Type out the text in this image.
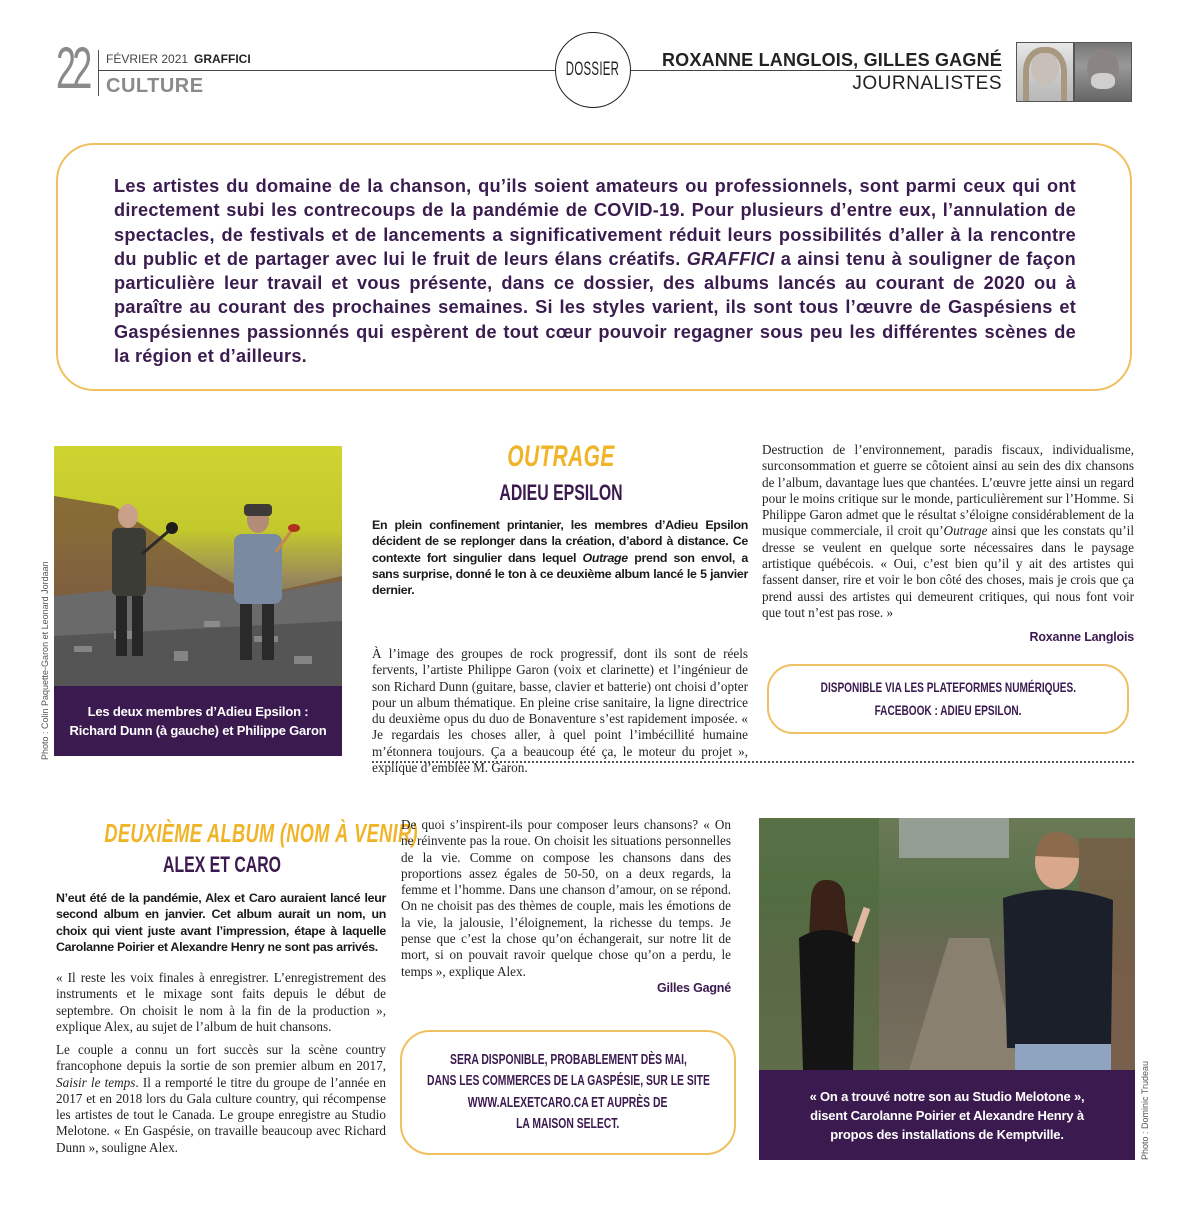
22 FÉVRIER 2021 GRAFFICI
CULTURE
DOSSIER ROXANNE LANGLOIS, GILLES GAGNÉ
JOURNALISTES
Les artistes du domaine de la chanson, qu’ils soient amateurs ou professionnels, sont parmi ceux qui ont directement subi les contrecoups de la pandémie de COVID-19. Pour plusieurs d’entre eux, l’annulation de spectacles, de festivals et de lancements a significativement réduit leurs possibilités d’aller à la rencontre du public et de partager avec lui le fruit de leurs élans créatifs. GRAFFICI a ainsi tenu à souligner de façon particulière leur travail et vous présente, dans ce dossier, des albums lancés au courant de 2020 ou à paraître au courant des prochaines semaines. Si les styles varient, ils sont tous l’œuvre de Gaspésiens et Gaspésiennes passionnés qui espèrent de tout cœur pouvoir regagner sous peu les différentes scènes de la région et d’ailleurs.
Les deux membres d’Adieu Epsilon :
Richard Dunn (à gauche) et Philippe Garon
Photo : Colin Paquette-Garon et Leonard Jordaan
OUTRAGE
ADIEU EPSILON
En plein confinement printanier, les membres d’Adieu Epsilon décident de se replonger dans la création, d’abord à distance. Ce contexte fort singulier dans lequel Outrage prend son envol, a sans surprise, donné le ton à ce deuxième album lancé le 5 janvier dernier.
À l’image des groupes de rock progressif, dont ils sont de réels fervents, l’artiste Philippe Garon (voix et clarinette) et l’ingénieur de son Richard Dunn (guitare, basse, clavier et batterie) ont choisi d’opter pour un album thématique. En pleine crise sanitaire, la ligne directrice du deuxième opus du duo de Bonaventure s’est rapidement imposée. « Je regardais les choses aller, à quel point l’imbécillité humaine m’étonnera toujours. Ça a beaucoup été ça, le moteur du projet », explique d’emblée M. Garon.
Destruction de l’environnement, paradis fiscaux, individualisme, surconsommation et guerre se côtoient ainsi au sein des dix chansons de l’album, davantage lues que chantées. L’œuvre jette ainsi un regard pour le moins critique sur le monde, particulièrement sur l’Homme. Si Philippe Garon admet que le résultat s’éloigne considérablement de la musique commerciale, il croit qu’Outrage ainsi que les constats qu’il dresse se veulent en quelque sorte nécessaires dans le paysage artistique québécois. « Oui, c’est bien qu’il y ait des artistes qui fassent danser, rire et voir le bon côté des choses, mais je crois que ça prend aussi des artistes qui demeurent critiques, qui nous font voir que tout n’est pas rose. »
Roxanne Langlois
DISPONIBLE VIA LES PLATEFORMES NUMÉRIQUES.
FACEBOOK : ADIEU EPSILON.
DEUXIÈME ALBUM (NOM À VENIR)
ALEX ET CARO
N’eut été de la pandémie, Alex et Caro auraient lancé leur second album en janvier. Cet album aurait un nom, un choix qui vient juste avant l’impression, étape à laquelle Carolanne Poirier et Alexandre Henry ne sont pas arrivés.
« Il reste les voix finales à enregistrer. L’enregistrement des instruments et le mixage sont faits depuis le début de septembre. On choisit le nom à la fin de la production », explique Alex, au sujet de l’album de huit chansons.
Le couple a connu un fort succès sur la scène country francophone depuis la sortie de son premier album en 2017, Saisir le temps. Il a remporté le titre du groupe de l’année en 2017 et en 2018 lors du Gala culture country, qui récompense les artistes de tout le Canada. Le groupe enregistre au Studio Melotone. « En Gaspésie, on travaille beaucoup avec Richard Dunn », souligne Alex.
De quoi s’inspirent-ils pour composer leurs chansons? « On ne réinvente pas la roue. On choisit les situations personnelles de la vie. Comme on compose les chansons dans des proportions assez égales de 50-50, on a deux regards, la femme et l’homme. Dans une chanson d’amour, on se répond. On ne choisit pas des thèmes de couple, mais les émotions de la vie, la jalousie, l’éloignement, la richesse du temps. Je pense que c’est la chose qu’on échangerait, sur notre lit de mort, si on pouvait ravoir quelque chose qu’on a perdu, le temps », explique Alex.
Gilles Gagné
SERA DISPONIBLE, PROBABLEMENT DÈS MAI,
DANS LES COMMERCES DE LA GASPÉSIE, SUR LE SITE
WWW.ALEXETCARO.CA ET AUPRÈS DE
LA MAISON SELECT.
« On a trouvé notre son au Studio Melotone », disent Carolanne Poirier et Alexandre Henry à propos des installations de Kemptville.	Photo : Dominic Trudeau
